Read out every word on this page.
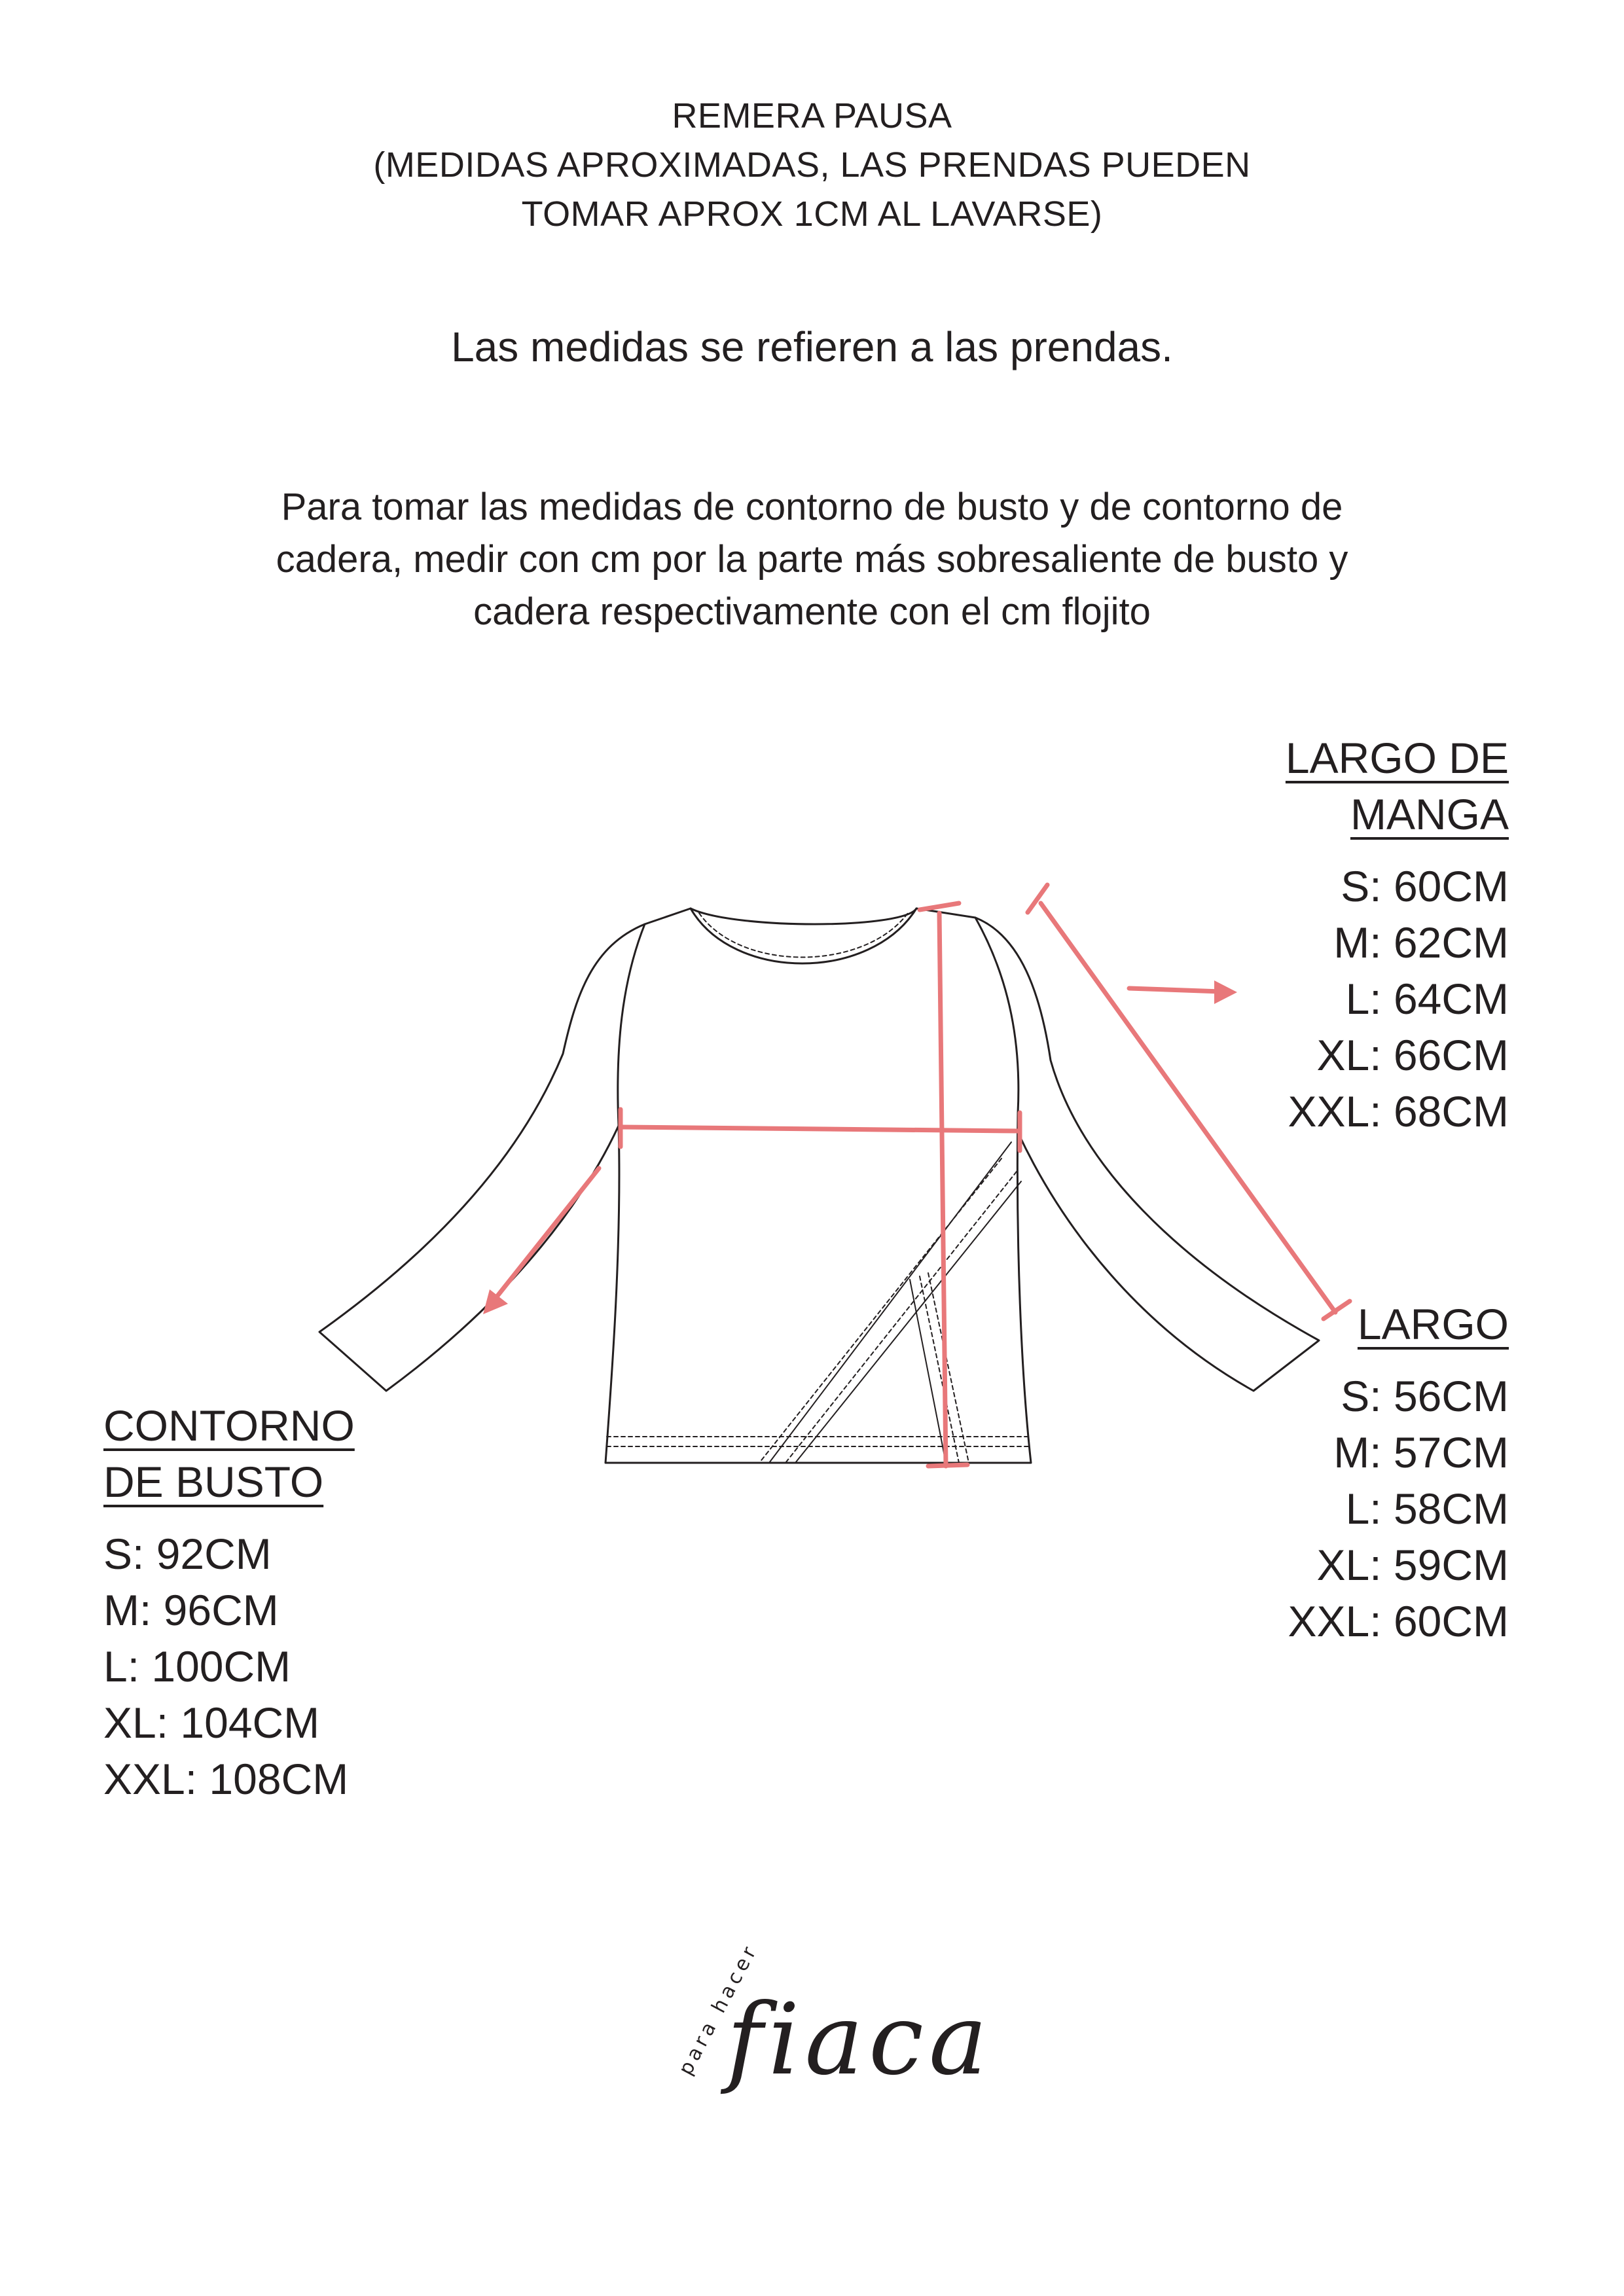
REMERA PAUSA
(MEDIDAS APROXIMADAS, LAS PRENDAS PUEDEN
TOMAR APROX 1CM AL LAVARSE)
Las medidas se refieren a las prendas.
Para tomar las medidas de contorno de busto y de contorno de
cadera, medir con cm por la parte más sobresaliente de busto y
cadera respectivamente con el cm flojito
LARGO DE
MANGA
S: 60CM
M: 62CM
L: 64CM
XL: 66CM
XXL: 68CM
LARGO
S: 56CM
M: 57CM
L: 58CM
XL: 59CM
XXL: 60CM
CONTORNO
DE BUSTO
S: 92CM
M: 96CM
L: 100CM
XL: 104CM
XXL: 108CM
para hacer
fiaca
